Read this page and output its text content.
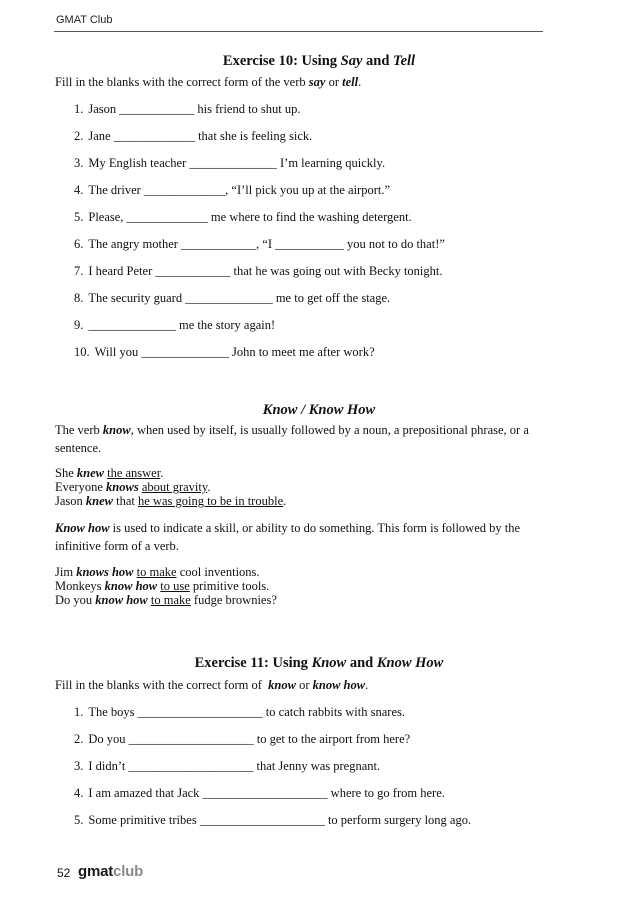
GMAT Club
Exercise 10: Using Say and Tell
Fill in the blanks with the correct form of the verb say or tell.
1. Jason ____________ his friend to shut up.
2. Jane _____________ that she is feeling sick.
3. My English teacher ______________ I’m learning quickly.
4. The driver _____________, “I’ll pick you up at the airport.”
5. Please, _____________ me where to find the washing detergent.
6. The angry mother ____________, “I ___________ you not to do that!”
7. I heard Peter ____________ that he was going out with Becky tonight.
8. The security guard ______________ me to get off the stage.
9. ______________ me the story again!
10. Will you ______________ John to meet me after work?
Know / Know How
The verb know, when used by itself, is usually followed by a noun, a prepositional phrase, or a sentence.
She knew the answer.
Everyone knows about gravity.
Jason knew that he was going to be in trouble.
Know how is used to indicate a skill, or ability to do something. This form is followed by the infinitive form of a verb.
Jim knows how to make cool inventions.
Monkeys know how to use primitive tools.
Do you know how to make fudge brownies?
Exercise 11: Using Know and Know How
Fill in the blanks with the correct form of  know or know how.
1. The boys ____________________ to catch rabbits with snares.
2. Do you ____________________ to get to the airport from here?
3. I didn’t ____________________ that Jenny was pregnant.
4. I am amazed that Jack ____________________ where to go from here.
5. Some primitive tribes ____________________ to perform surgery long ago.
52 gmatclub
